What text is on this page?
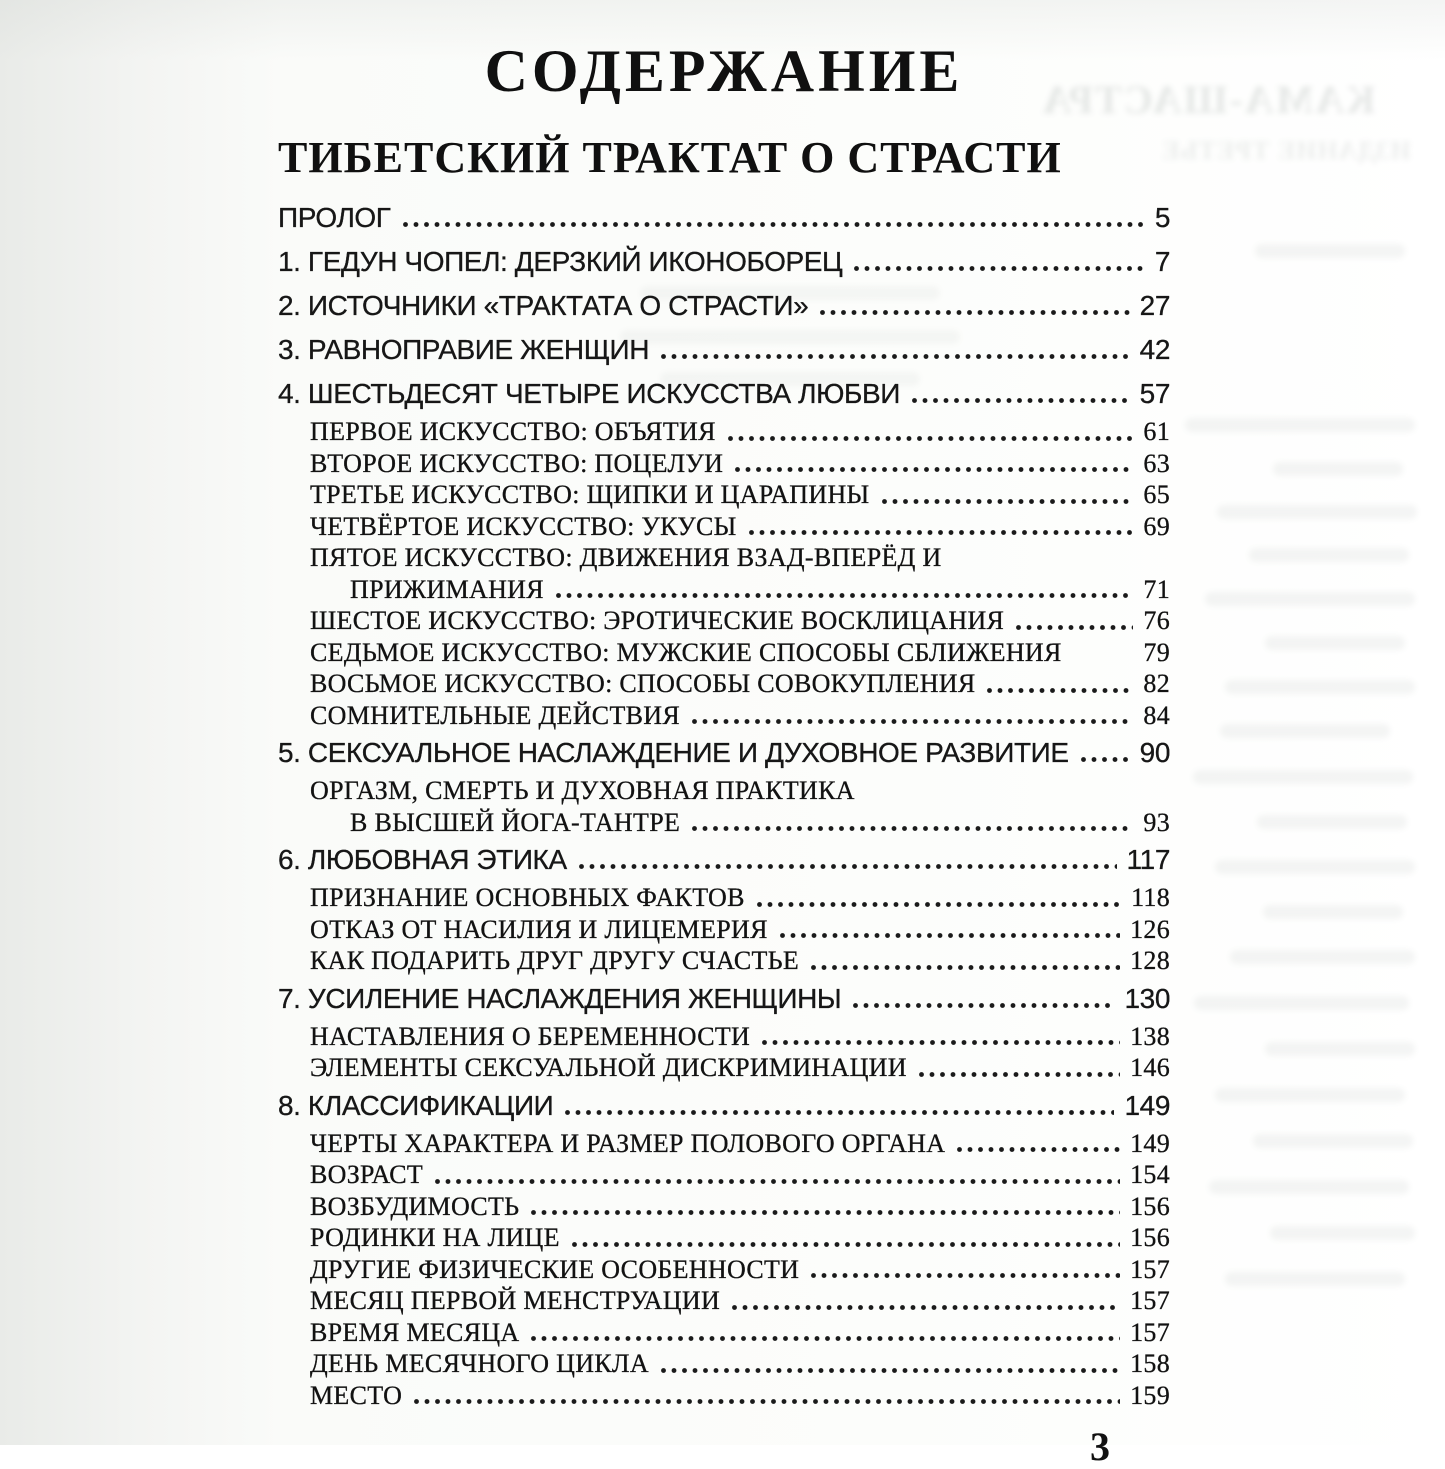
КАМА-ШАСТРА
ИЗДАНИЕ ТРЕТЬЕ
СОДЕРЖАНИЕ
ТИБЕТСКИЙ ТРАКТАТ О СТРАСТИ
ПРОЛОГ	5
1. ГЕДУН ЧОПЕЛ: ДЕРЗКИЙ ИКОНОБОРЕЦ	7
2. ИСТОЧНИКИ «ТРАКТАТА О СТРАСТИ»	27
3. РАВНОПРАВИЕ ЖЕНЩИН	42
4. ШЕСТЬДЕСЯТ ЧЕТЫРЕ ИСКУССТВА ЛЮБВИ	57
ПЕРВОЕ ИСКУССТВО: ОБЪЯТИЯ	61
ВТОРОЕ ИСКУССТВО: ПОЦЕЛУИ	63
ТРЕТЬЕ ИСКУССТВО: ЩИПКИ И ЦАРАПИНЫ	65
ЧЕТВЁРТОЕ ИСКУССТВО: УКУСЫ	69
ПЯТОЕ ИСКУССТВО: ДВИЖЕНИЯ ВЗАД-ВПЕРЁД И
ПРИЖИМАНИЯ	71
ШЕСТОЕ ИСКУССТВО: ЭРОТИЧЕСКИЕ ВОСКЛИЦАНИЯ	76
СЕДЬМОЕ ИСКУССТВО: МУЖСКИЕ СПОСОБЫ СБЛИЖЕНИЯ	79
ВОСЬМОЕ ИСКУССТВО: СПОСОБЫ СОВОКУПЛЕНИЯ	82
СОМНИТЕЛЬНЫЕ ДЕЙСТВИЯ	84
5. СЕКСУАЛЬНОЕ НАСЛАЖДЕНИЕ И ДУХОВНОЕ РАЗВИТИЕ	90
ОРГАЗМ, СМЕРТЬ И ДУХОВНАЯ ПРАКТИКА
В ВЫСШЕЙ ЙОГА-ТАНТРЕ	93
6. ЛЮБОВНАЯ ЭТИКА	117
ПРИЗНАНИЕ ОСНОВНЫХ ФАКТОВ	118
ОТКАЗ ОТ НАСИЛИЯ И ЛИЦЕМЕРИЯ	126
КАК ПОДАРИТЬ ДРУГ ДРУГУ СЧАСТЬЕ	128
7. УСИЛЕНИЕ НАСЛАЖДЕНИЯ ЖЕНЩИНЫ	130
НАСТАВЛЕНИЯ О БЕРЕМЕННОСТИ	138
ЭЛЕМЕНТЫ СЕКСУАЛЬНОЙ ДИСКРИМИНАЦИИ	146
8. КЛАССИФИКАЦИИ	149
ЧЕРТЫ ХАРАКТЕРА И РАЗМЕР ПОЛОВОГО ОРГАНА	149
ВОЗРАСТ	154
ВОЗБУДИМОСТЬ	156
РОДИНКИ НА ЛИЦЕ	156
ДРУГИЕ ФИЗИЧЕСКИЕ ОСОБЕННОСТИ	157
МЕСЯЦ ПЕРВОЙ МЕНСТРУАЦИИ	157
ВРЕМЯ МЕСЯЦА	157
ДЕНЬ МЕСЯЧНОГО ЦИКЛА	158
МЕСТО	159
3
